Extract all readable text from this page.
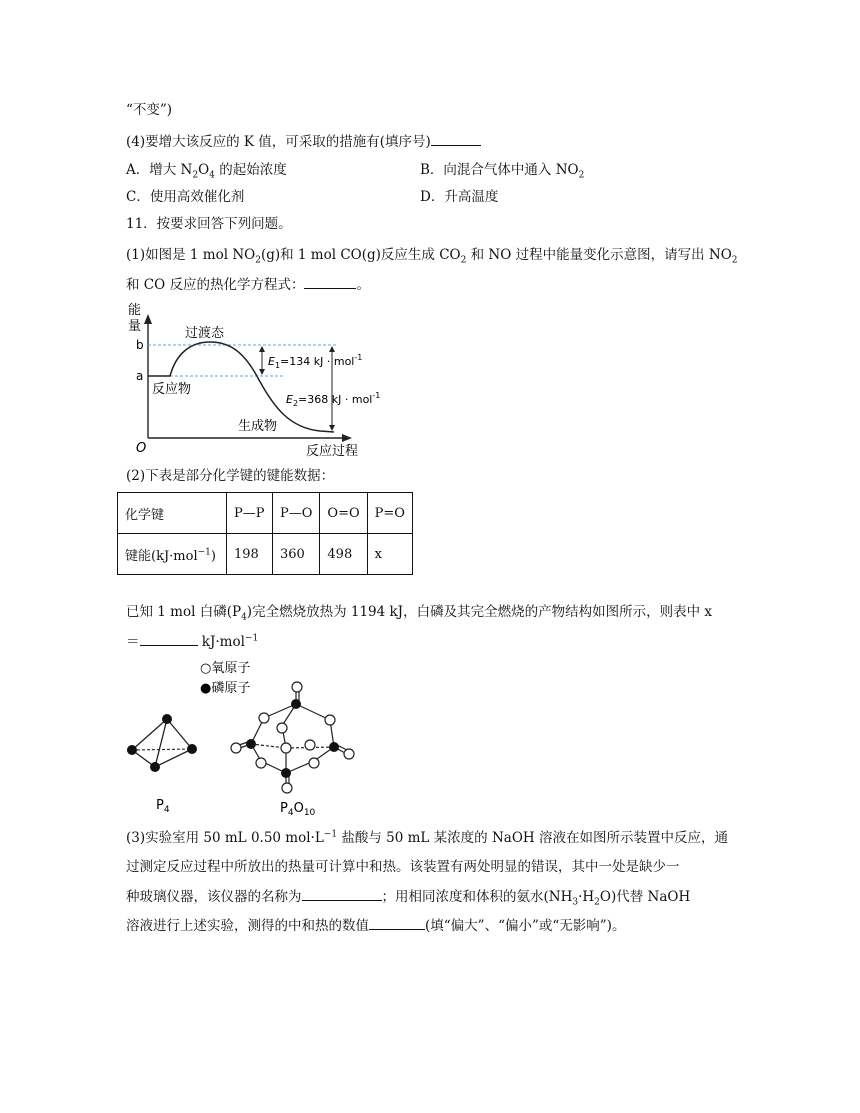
“不变”)
(4)要增大该反应的 K 值，可采取的措施有(填序号)
A．增大 $N_2O_4$ 的起始浓度	B．向混合气体中通入 $NO_2$
C．使用高效催化剂	D．升高温度
11．按要求回答下列问题。
(1)如图是 1 mol $NO_2(g)$和 1 mol CO(g)反应生成 $CO_2$ 和 NO 过程中能量变化示意图，请写出 $NO_2$
和 CO 反应的热化学方程式：	。
能
量
b
a
O
过渡态
反应物
生成物
反应过程
$E_1=134$ kJ · mol$^{-1}$
$E_2=368$ kJ · mol$^{-1}$
(2)下表是部分化学键的键能数据：
化学键	P—P	P—O	O=O	P=O
键能(kJ·mol$^{-1}$)	198	360	498	x
已知 1 mol 白磷$(P_4)$完全燃烧放热为 1194 kJ，白磷及其完全燃烧的产物结构如图所示，则表中 x
＝	kJ·mol$^{-1}$
○氧原子
●磷原子
$P_4$	$P_4O_{10}$
(3)实验室用 50 mL 0.50 $mol\cdot L^{-1}$ 盐酸与 50 mL 某浓度的 NaOH 溶液在如图所示装置中反应，通
过测定反应过程中所放出的热量可计算中和热。该装置有两处明显的错误，其中一处是缺少一
种玻璃仪器，该仪器的名称为	；用相同浓度和体积的氨水$(NH_3\cdot H_2O)$代替 NaOH
溶液进行上述实验，测得的中和热的数值	(填“偏大”、“偏小”或“无影响”)。
